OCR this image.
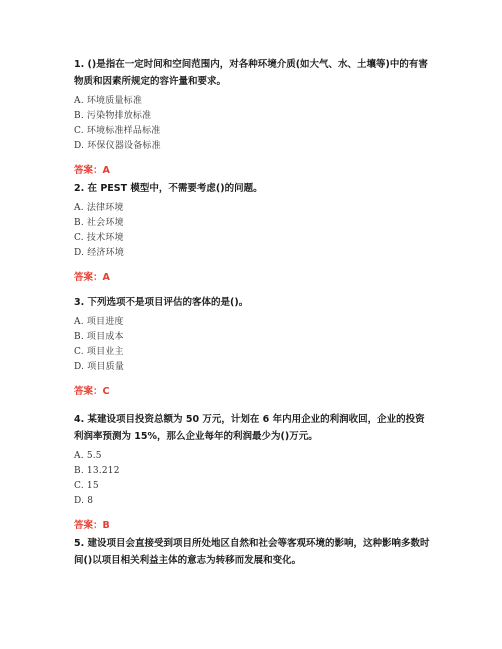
1. ()是指在一定时间和空间范围内，对各种环境介质(如大气、水、土壤等)中的有害物质和因素所规定的容许量和要求。

A. 环境质量标准
B. 污染物排放标准
C. 环境标准样品标准
D. 环保仪器设备标准
答案：A

2. 在 PEST 模型中，不需要考虑()的问题。

A. 法律环境
B. 社会环境
C. 技术环境
D. 经济环境
答案：A

3. 下列选项不是项目评估的客体的是()。

A. 项目进度
B. 项目成本
C. 项目业主
D. 项目质量
答案：C

4. 某建设项目投资总额为 50 万元，计划在 6 年内用企业的利润收回，企业的投资利润率预测为 15%，那么企业每年的利润最少为()万元。

A. 5.5
B. 13.212
C. 15
D. 8
答案：B

5. 建设项目会直接受到项目所处地区自然和社会等客观环境的影响，这种影响多数时间()以项目相关利益主体的意志为转移而发展和变化。
